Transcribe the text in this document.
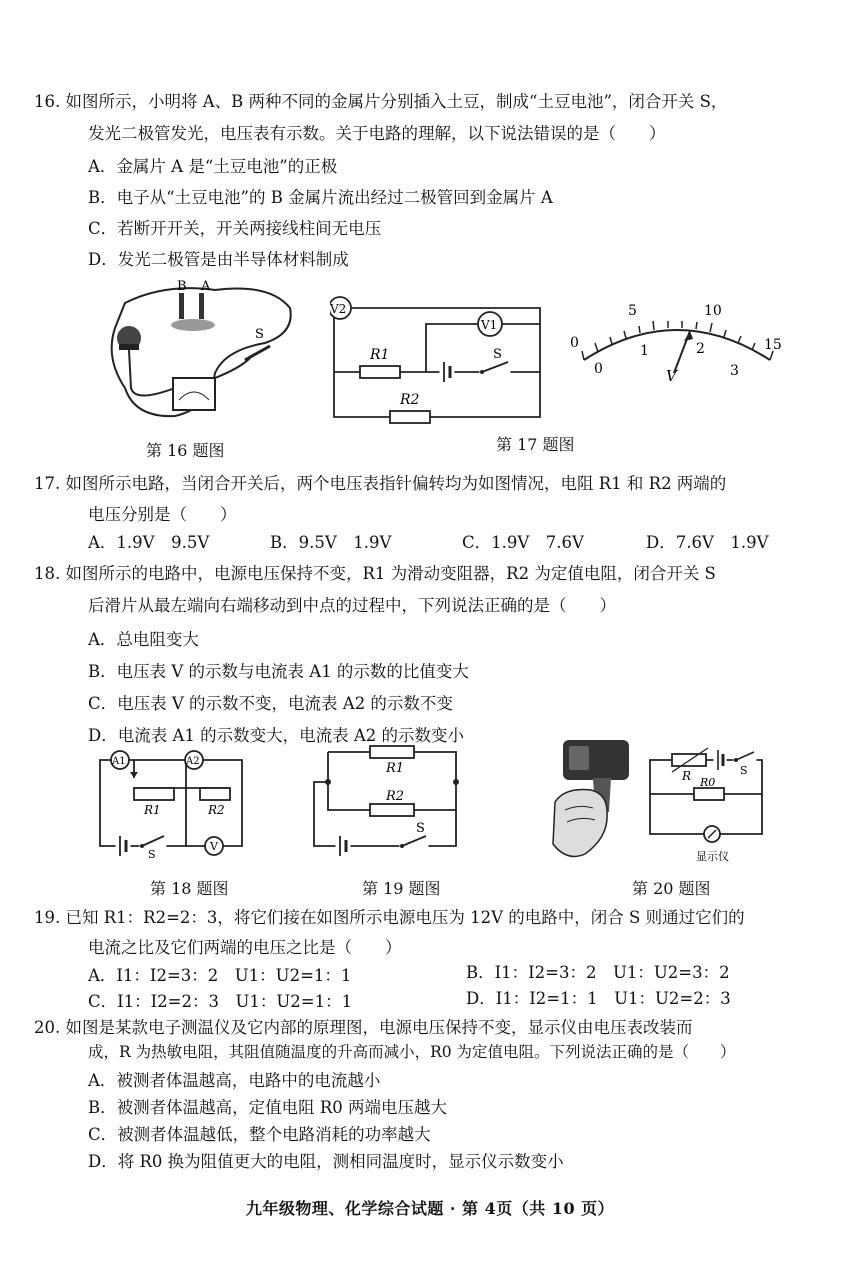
16. 如图所示，小明将 A、B 两种不同的金属片分别插入土豆，制成“土豆电池”，闭合开关 S，
发光二极管发光，电压表有示数。关于电路的理解，以下说法错误的是（　　）
A．金属片 A 是“土豆电池”的正极
B．电子从“土豆电池”的 B 金属片流出经过二极管回到金属片 A
C．若断开开关，开关两接线柱间无电压
D．发光二极管是由半导体材料制成
B A
S
第 16 题图
V2
V1
R1	S
R2
第 17 题图
0
5	10
15
0
1	2
3
V
17. 如图所示电路，当闭合开关后，两个电压表指针偏转均为如图情况，电阻 R1 和 R2 两端的
电压分别是（　　）
A．1.9V　9.5V	B．9.5V　1.9V	C．1.9V　7.6V	D．7.6V　1.9V
18. 如图所示的电路中，电源电压保持不变，R1 为滑动变阻器，R2 为定值电阻，闭合开关 S
后滑片从最左端向右端移动到中点的过程中，下列说法正确的是（　　）
A．总电阻变大
B．电压表 V 的示数与电流表 A1 的示数的比值变大
C．电压表 V 的示数不变，电流表 A2 的示数不变
D．电流表 A1 的示数变大，电流表 A2 的示数变小
A1	A2
R1	R2
S
V
第 18 题图
R1
R2
S
第 19 题图
R	S
R0
显示仪
第 20 题图
19. 已知 R1：R2=2：3，将它们接在如图所示电源电压为 12V 的电路中，闭合 S 则通过它们的
电流之比及它们两端的电压之比是（　　）
A．I1：I2=3：2　U1：U2=1：1	B．I1：I2=3：2　U1：U2=3：2
C．I1：I2=2：3　U1：U2=1：1	D．I1：I2=1：1　U1：U2=2：3
20. 如图是某款电子测温仪及它内部的原理图，电源电压保持不变，显示仪由电压表改装而
成，R 为热敏电阻，其阻值随温度的升高而减小，R0 为定值电阻。下列说法正确的是（　　）
A．被测者体温越高，电路中的电流越小
B．被测者体温越高，定值电阻 R0 两端电压越大
C．被测者体温越低，整个电路消耗的功率越大
D．将 R0 换为阻值更大的电阻，测相同温度时，显示仪示数变小
九年级物理、化学综合试题 · 第 4页（共 10 页）
